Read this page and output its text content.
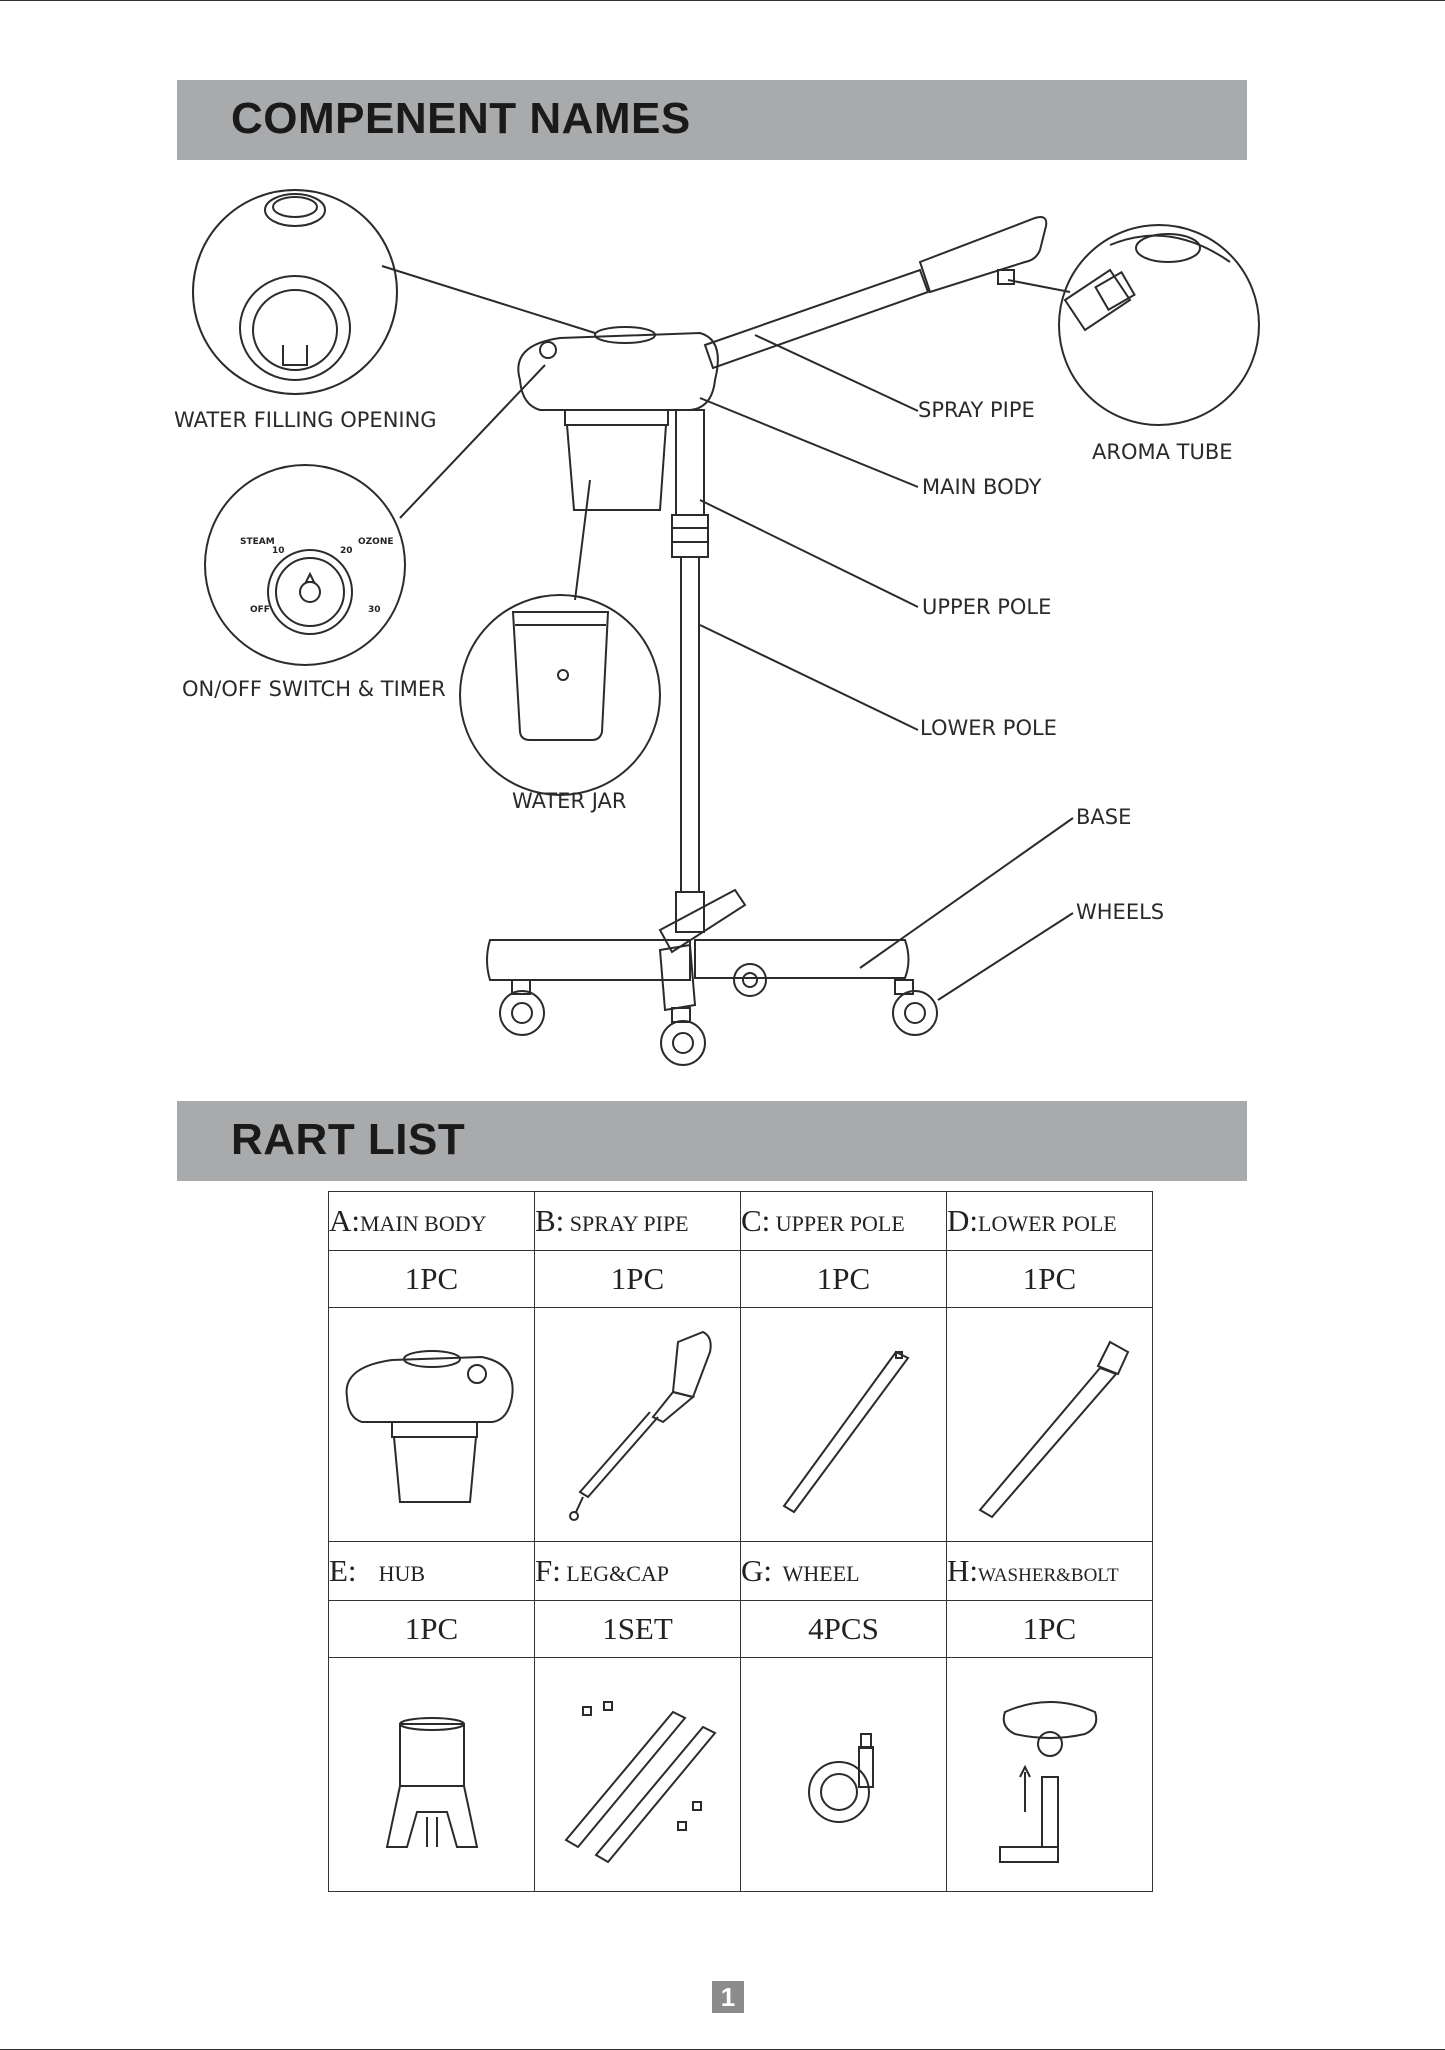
COMPENENT NAMES
WATER FILLING OPENING
ON/OFF SWITCH & TIMER
WATER JAR
SPRAY PIPE
AROMA TUBE
MAIN BODY
UPPER POLE
LOWER POLE
BASE
WHEELS
STEAM	OZONE
10	20
OFF	30
RART LIST
A:MAIN BODY	B: SPRAY PIPE	C: UPPER POLE	D:LOWER POLE
1PC	1PC	1PC	1PC

E: HUB	F: LEG&CAP	G: WHEEL	H:WASHER&BOLT
1PC	1SET	4PCS	1PC

1
